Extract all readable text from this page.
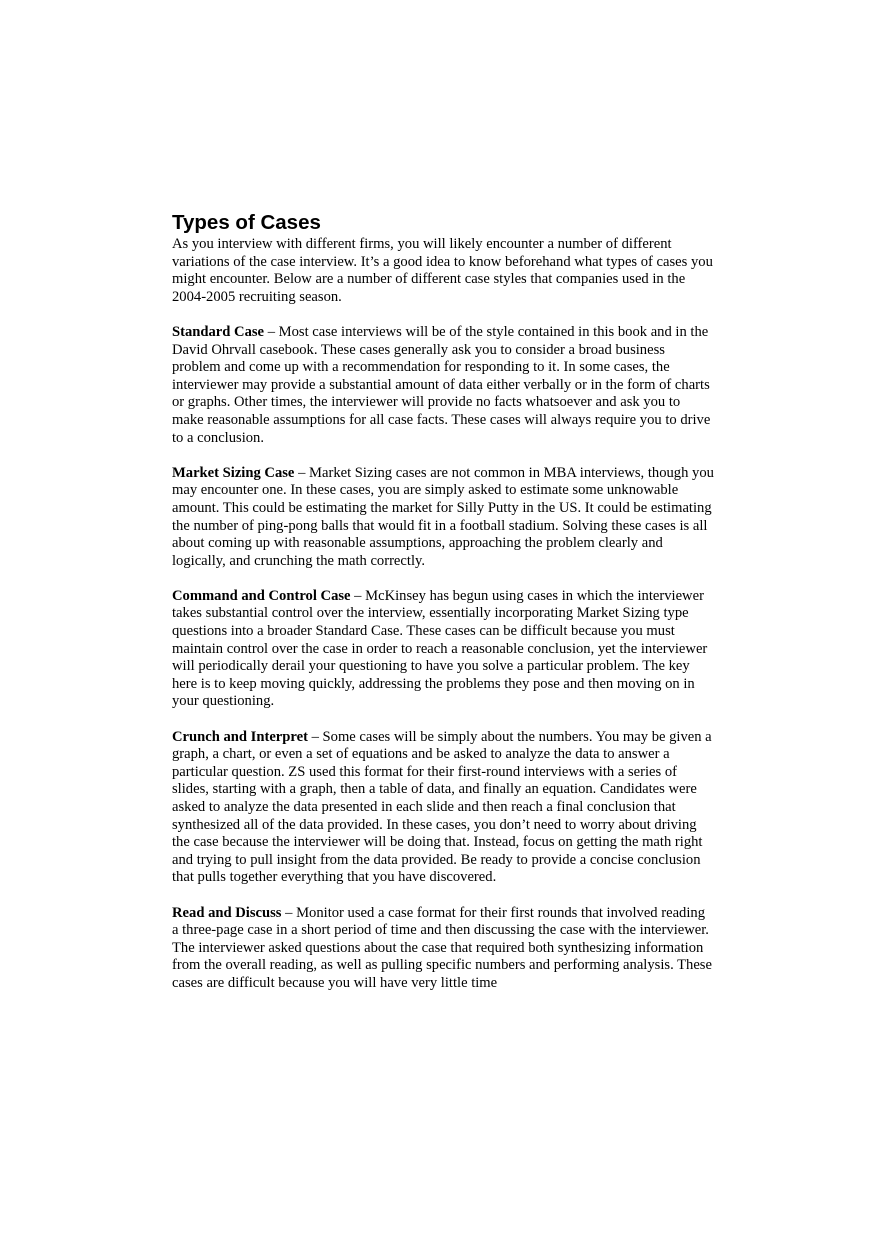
Types of Cases

As you interview with different firms, you will likely encounter a number of different variations of the case interview. It’s a good idea to know beforehand what types of cases you might encounter. Below are a number of different case styles that companies used in the 2004-2005 recruiting season.

Standard Case – Most case interviews will be of the style contained in this book and in the David Ohrvall casebook. These cases generally ask you to consider a broad business problem and come up with a recommendation for responding to it. In some cases, the interviewer may provide a substantial amount of data either verbally or in the form of charts or graphs. Other times, the interviewer will provide no facts whatsoever and ask you to make reasonable assumptions for all case facts. These cases will always require you to drive to a conclusion.

Market Sizing Case – Market Sizing cases are not common in MBA interviews, though you may encounter one. In these cases, you are simply asked to estimate some unknowable amount. This could be estimating the market for Silly Putty in the US. It could be estimating the number of ping-pong balls that would fit in a football stadium. Solving these cases is all about coming up with reasonable assumptions, approaching the problem clearly and logically, and crunching the math correctly.

Command and Control Case – McKinsey has begun using cases in which the interviewer takes substantial control over the interview, essentially incorporating Market Sizing type questions into a broader Standard Case. These cases can be difficult because you must maintain control over the case in order to reach a reasonable conclusion, yet the interviewer will periodically derail your questioning to have you solve a particular problem. The key here is to keep moving quickly, addressing the problems they pose and then moving on in your questioning.

Crunch and Interpret – Some cases will be simply about the numbers. You may be given a graph, a chart, or even a set of equations and be asked to analyze the data to answer a particular question. ZS used this format for their first-round interviews with a series of slides, starting with a graph, then a table of data, and finally an equation. Candidates were asked to analyze the data presented in each slide and then reach a final conclusion that synthesized all of the data provided. In these cases, you don’t need to worry about driving the case because the interviewer will be doing that. Instead, focus on getting the math right and trying to pull insight from the data provided. Be ready to provide a concise conclusion that pulls together everything that you have discovered.

Read and Discuss – Monitor used a case format for their first rounds that involved reading a three-page case in a short period of time and then discussing the case with the interviewer. The interviewer asked questions about the case that required both synthesizing information from the overall reading, as well as pulling specific numbers and performing analysis. These cases are difficult because you will have very little time
